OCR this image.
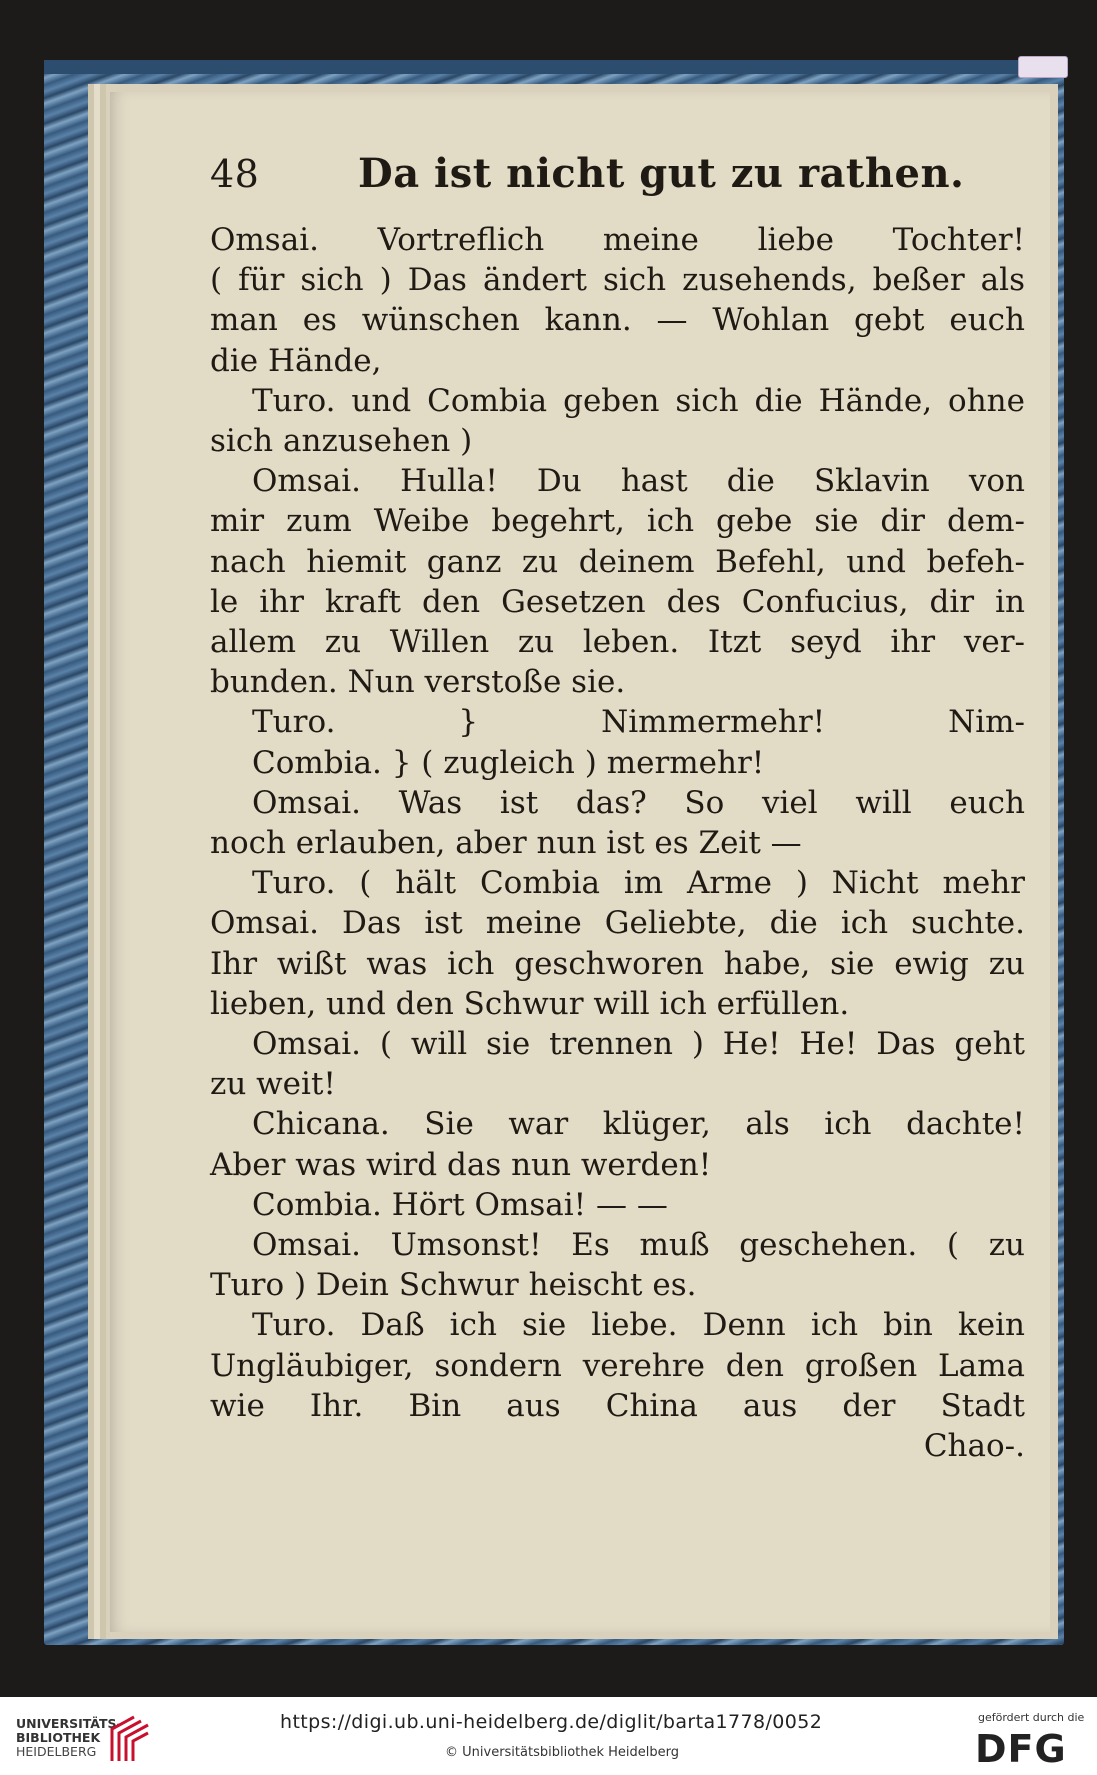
48	Da ist nicht gut zu rathen.
Omsai. Vortreflich meine liebe Tochter!
( für sich ) Das ändert sich zusehends, beßer als
man es wünschen kann. — Wohlan gebt euch
die Hände,
Turo. und Combia geben sich die Hände, ohne
sich anzusehen )
Omsai. Hulla! Du hast die Sklavin von
mir zum Weibe begehrt, ich gebe sie dir dem-
nach hiemit ganz zu deinem Befehl, und befeh-
le ihr kraft den Gesetzen des Confucius, dir in
allem zu Willen zu leben. Itzt seyd ihr ver-
bunden. Nun verstoße sie.
Turo. } Nimmermehr! Nim-
Combia. } ( zugleich ) mermehr!
Omsai. Was ist das? So viel will euch
noch erlauben, aber nun ist es Zeit —
Turo. ( hält Combia im Arme ) Nicht mehr
Omsai. Das ist meine Geliebte, die ich suchte.
Ihr wißt was ich geschworen habe, sie ewig zu
lieben, und den Schwur will ich erfüllen.
Omsai. ( will sie trennen ) He! He! Das geht
zu weit!
Chicana. Sie war klüger, als ich dachte!
Aber was wird das nun werden!
Combia. Hört Omsai! — —
Omsai. Umsonst! Es muß geschehen. ( zu
Turo ) Dein Schwur heischt es.
Turo. Daß ich sie liebe. Denn ich bin kein
Ungläubiger, sondern verehre den großen Lama
wie Ihr. Bin aus China aus der Stadt
Chao-.
UNIVERSITÄTS-
BIBLIOTHEK
HEIDELBERG
https://digi.ub.uni-heidelberg.de/diglit/barta1778/0052
© Universitätsbibliothek Heidelberg
gefördert durch die
DFG
